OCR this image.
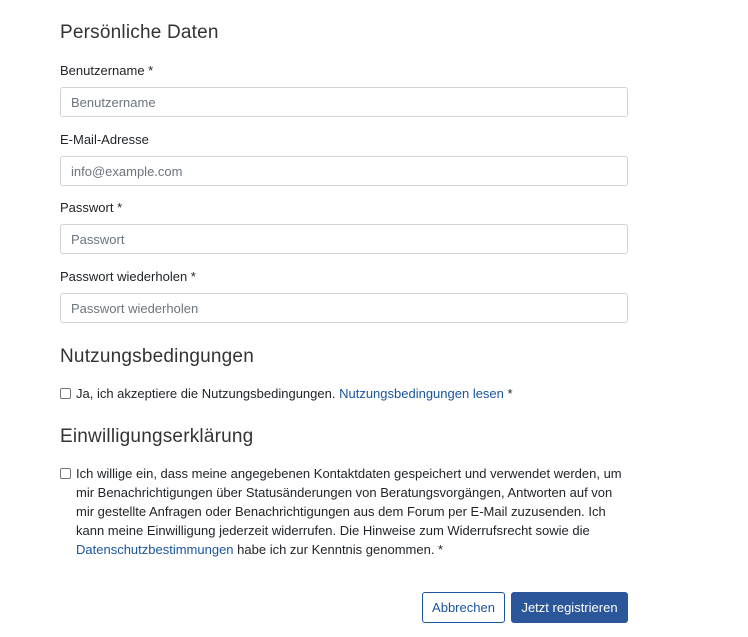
Persönliche Daten
Benutzername *
Benutzername
E-Mail-Adresse
info@example.com
Passwort *
Passwort wiederholen *
Nutzungsbedingungen
Ja, ich akzeptiere die Nutzungsbedingungen. Nutzungsbedingungen lesen *
Einwilligungserklärung
Ich willige ein, dass meine angegebenen Kontaktdaten gespeichert und verwendet werden, um mir Benachrichtigungen über Statusänderungen von Beratungsvorgängen, Antworten auf von mir gestellte Anfragen oder Benachrichtigungen aus dem Forum per E-Mail zuzusenden. Ich kann meine Einwilligung jederzeit widerrufen. Die Hinweise zum Widerrufsrecht sowie die Datenschutzbestimmungen habe ich zur Kenntnis genommen. *
Abbrechen	Jetzt registrieren
